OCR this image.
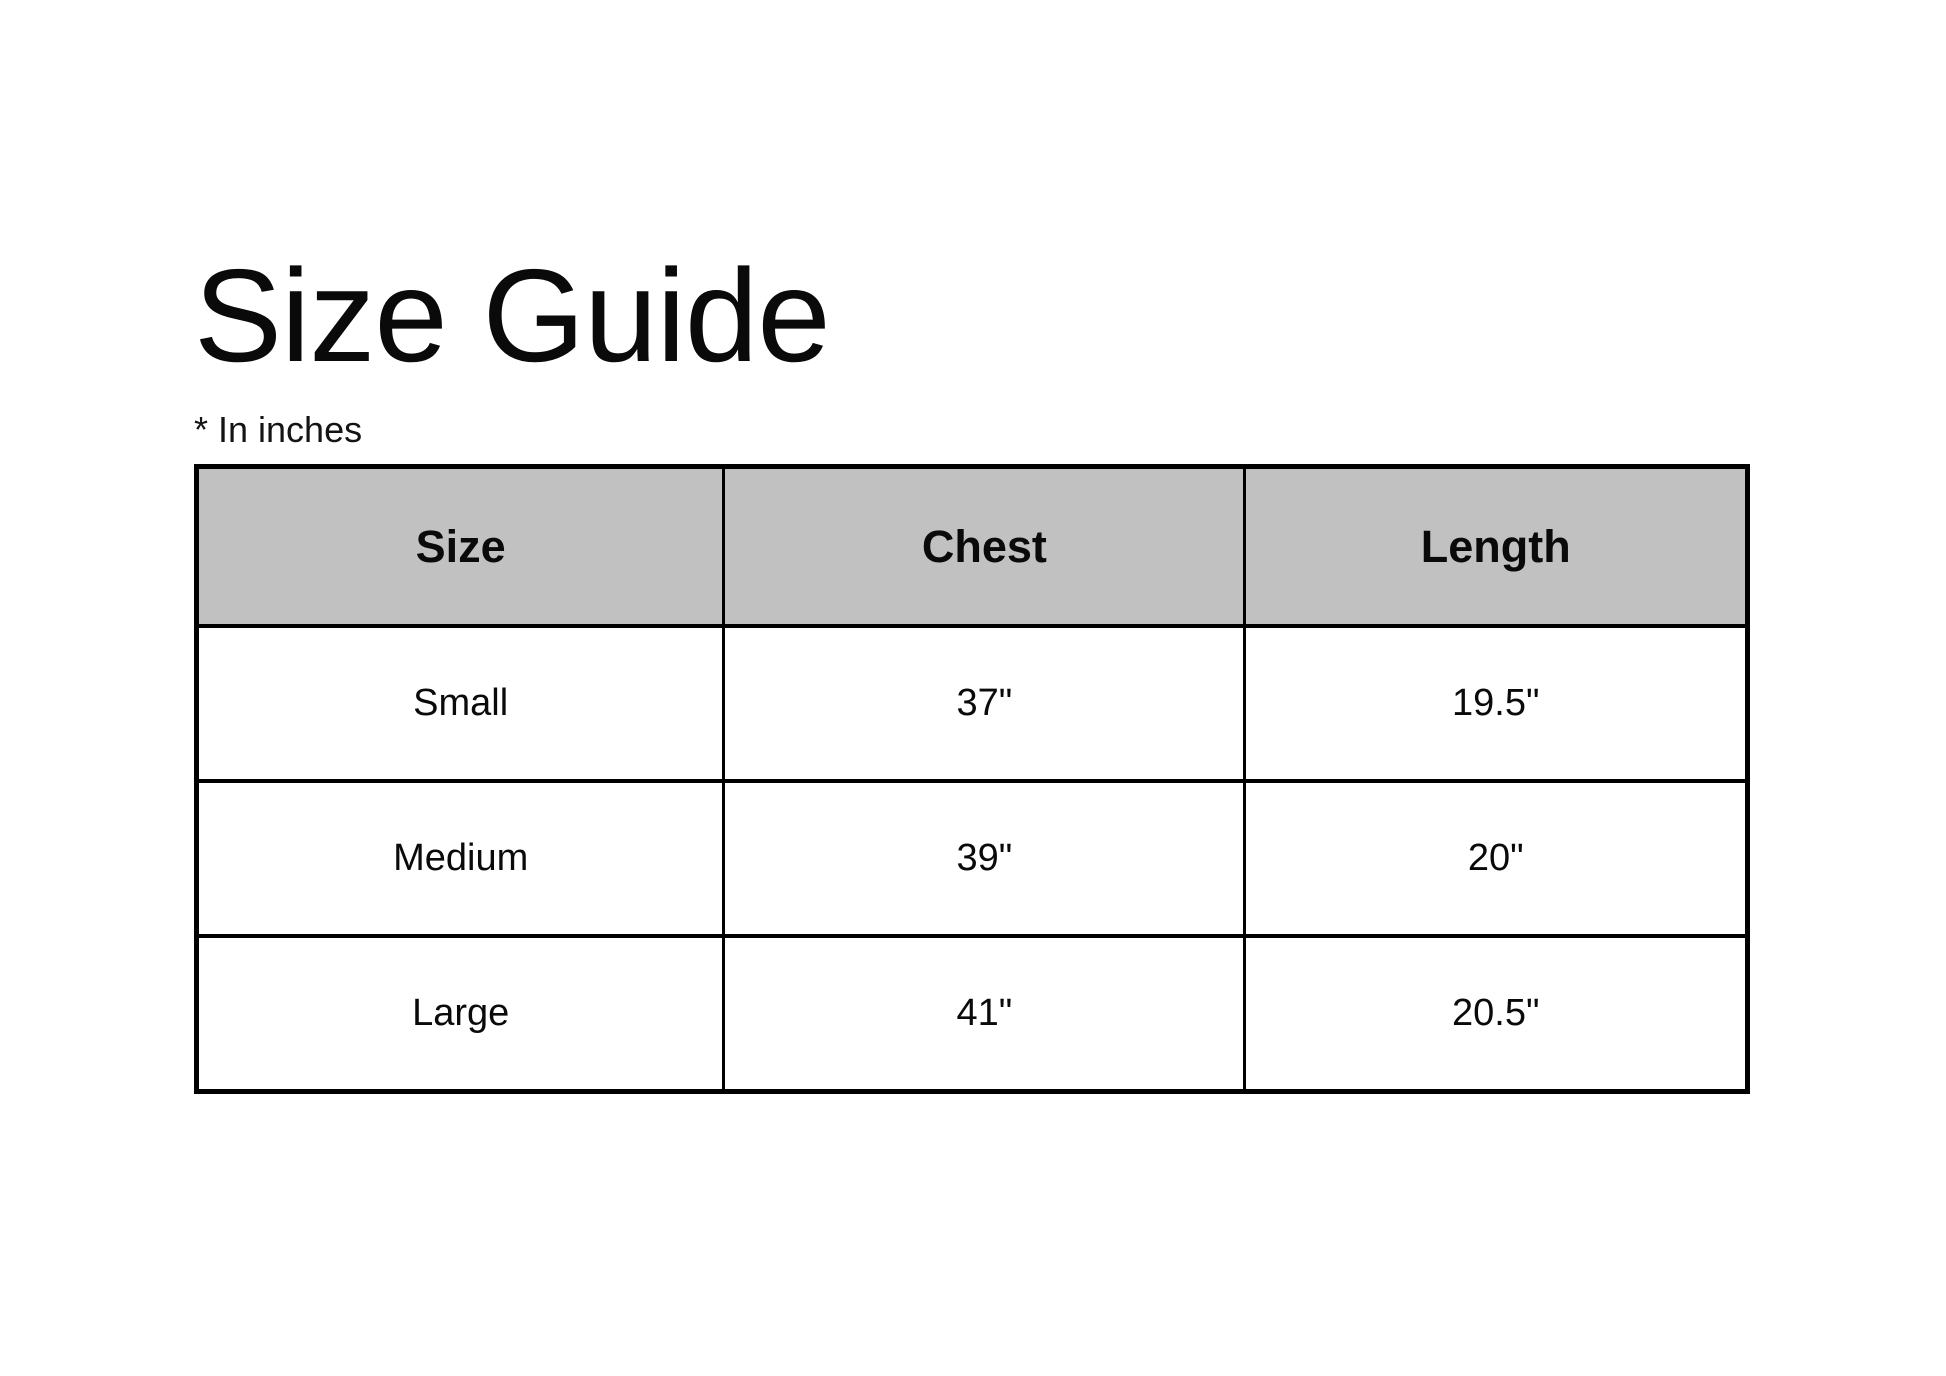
Size Guide
* In inches
Size	Chest	Length
Small	37"	19.5"
Medium	39"	20"
Large	41"	20.5"
